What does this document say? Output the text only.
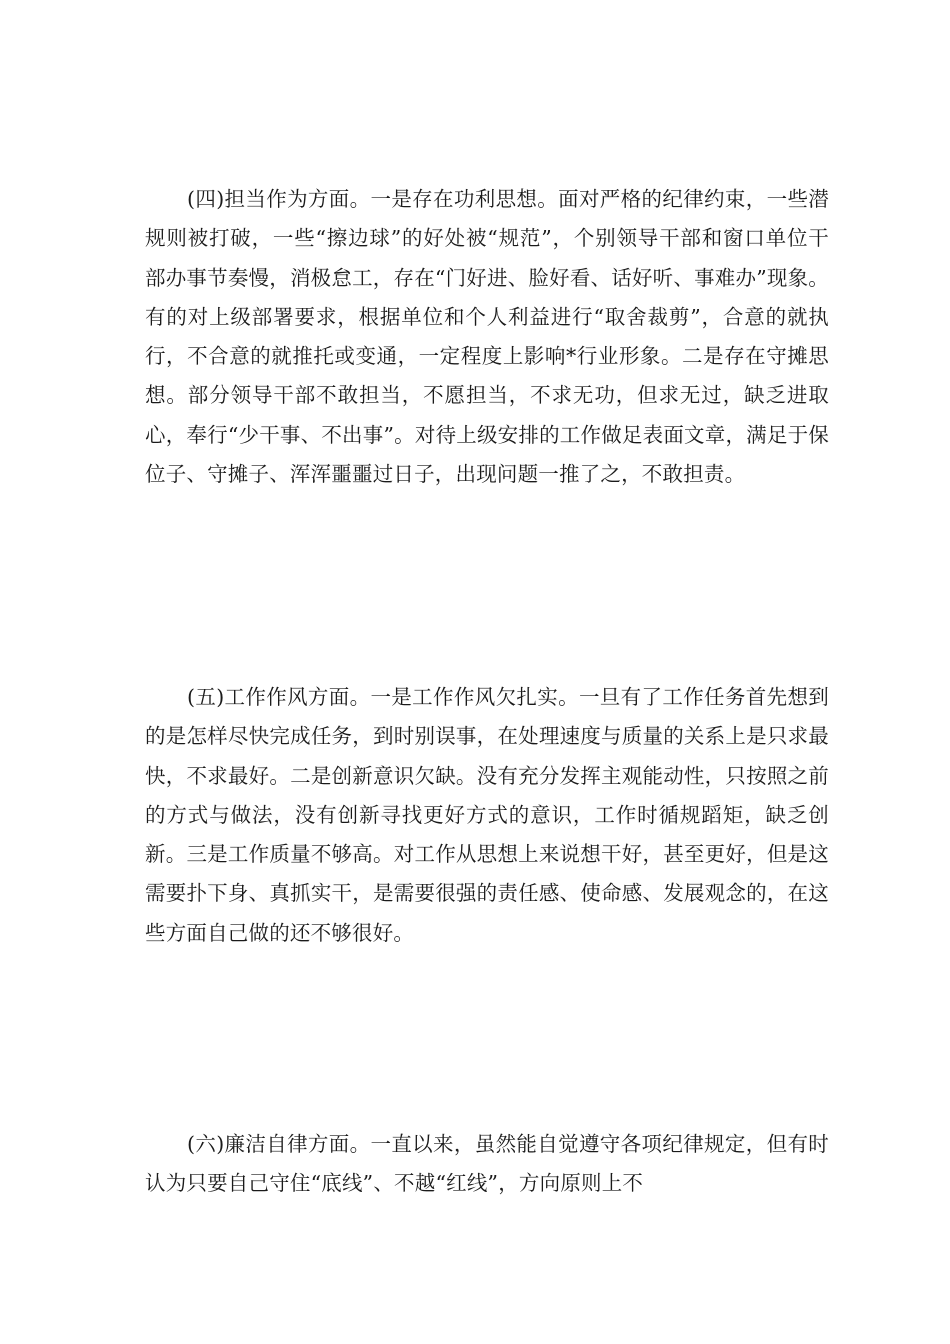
(四)担当作为方面。一是存在功利思想。面对严格的纪律约束，一些潜规则被打破，一些“擦边球”的好处被“规范”，个别领导干部和窗口单位干部办事节奏慢，消极怠工，存在“门好进、脸好看、话好听、事难办”现象。有的对上级部署要求，根据单位和个人利益进行“取舍裁剪”，合意的就执行，不合意的就推托或变通，一定程度上影响*行业形象。二是存在守摊思想。部分领导干部不敢担当，不愿担当，不求无功，但求无过，缺乏进取心，奉行“少干事、不出事”。对待上级安排的工作做足表面文章，满足于保位子、守摊子、浑浑噩噩过日子，出现问题一推了之，不敢担责。

(五)工作作风方面。一是工作作风欠扎实。一旦有了工作任务首先想到的是怎样尽快完成任务，到时别误事，在处理速度与质量的关系上是只求最快，不求最好。二是创新意识欠缺。没有充分发挥主观能动性，只按照之前的方式与做法，没有创新寻找更好方式的意识，工作时循规蹈矩，缺乏创新。三是工作质量不够高。对工作从思想上来说想干好，甚至更好，但是这需要扑下身、真抓实干，是需要很强的责任感、使命感、发展观念的，在这些方面自己做的还不够很好。

(六)廉洁自律方面。一直以来，虽然能自觉遵守各项纪律规定，但有时认为只要自己守住“底线”、不越“红线”，方向原则上不
